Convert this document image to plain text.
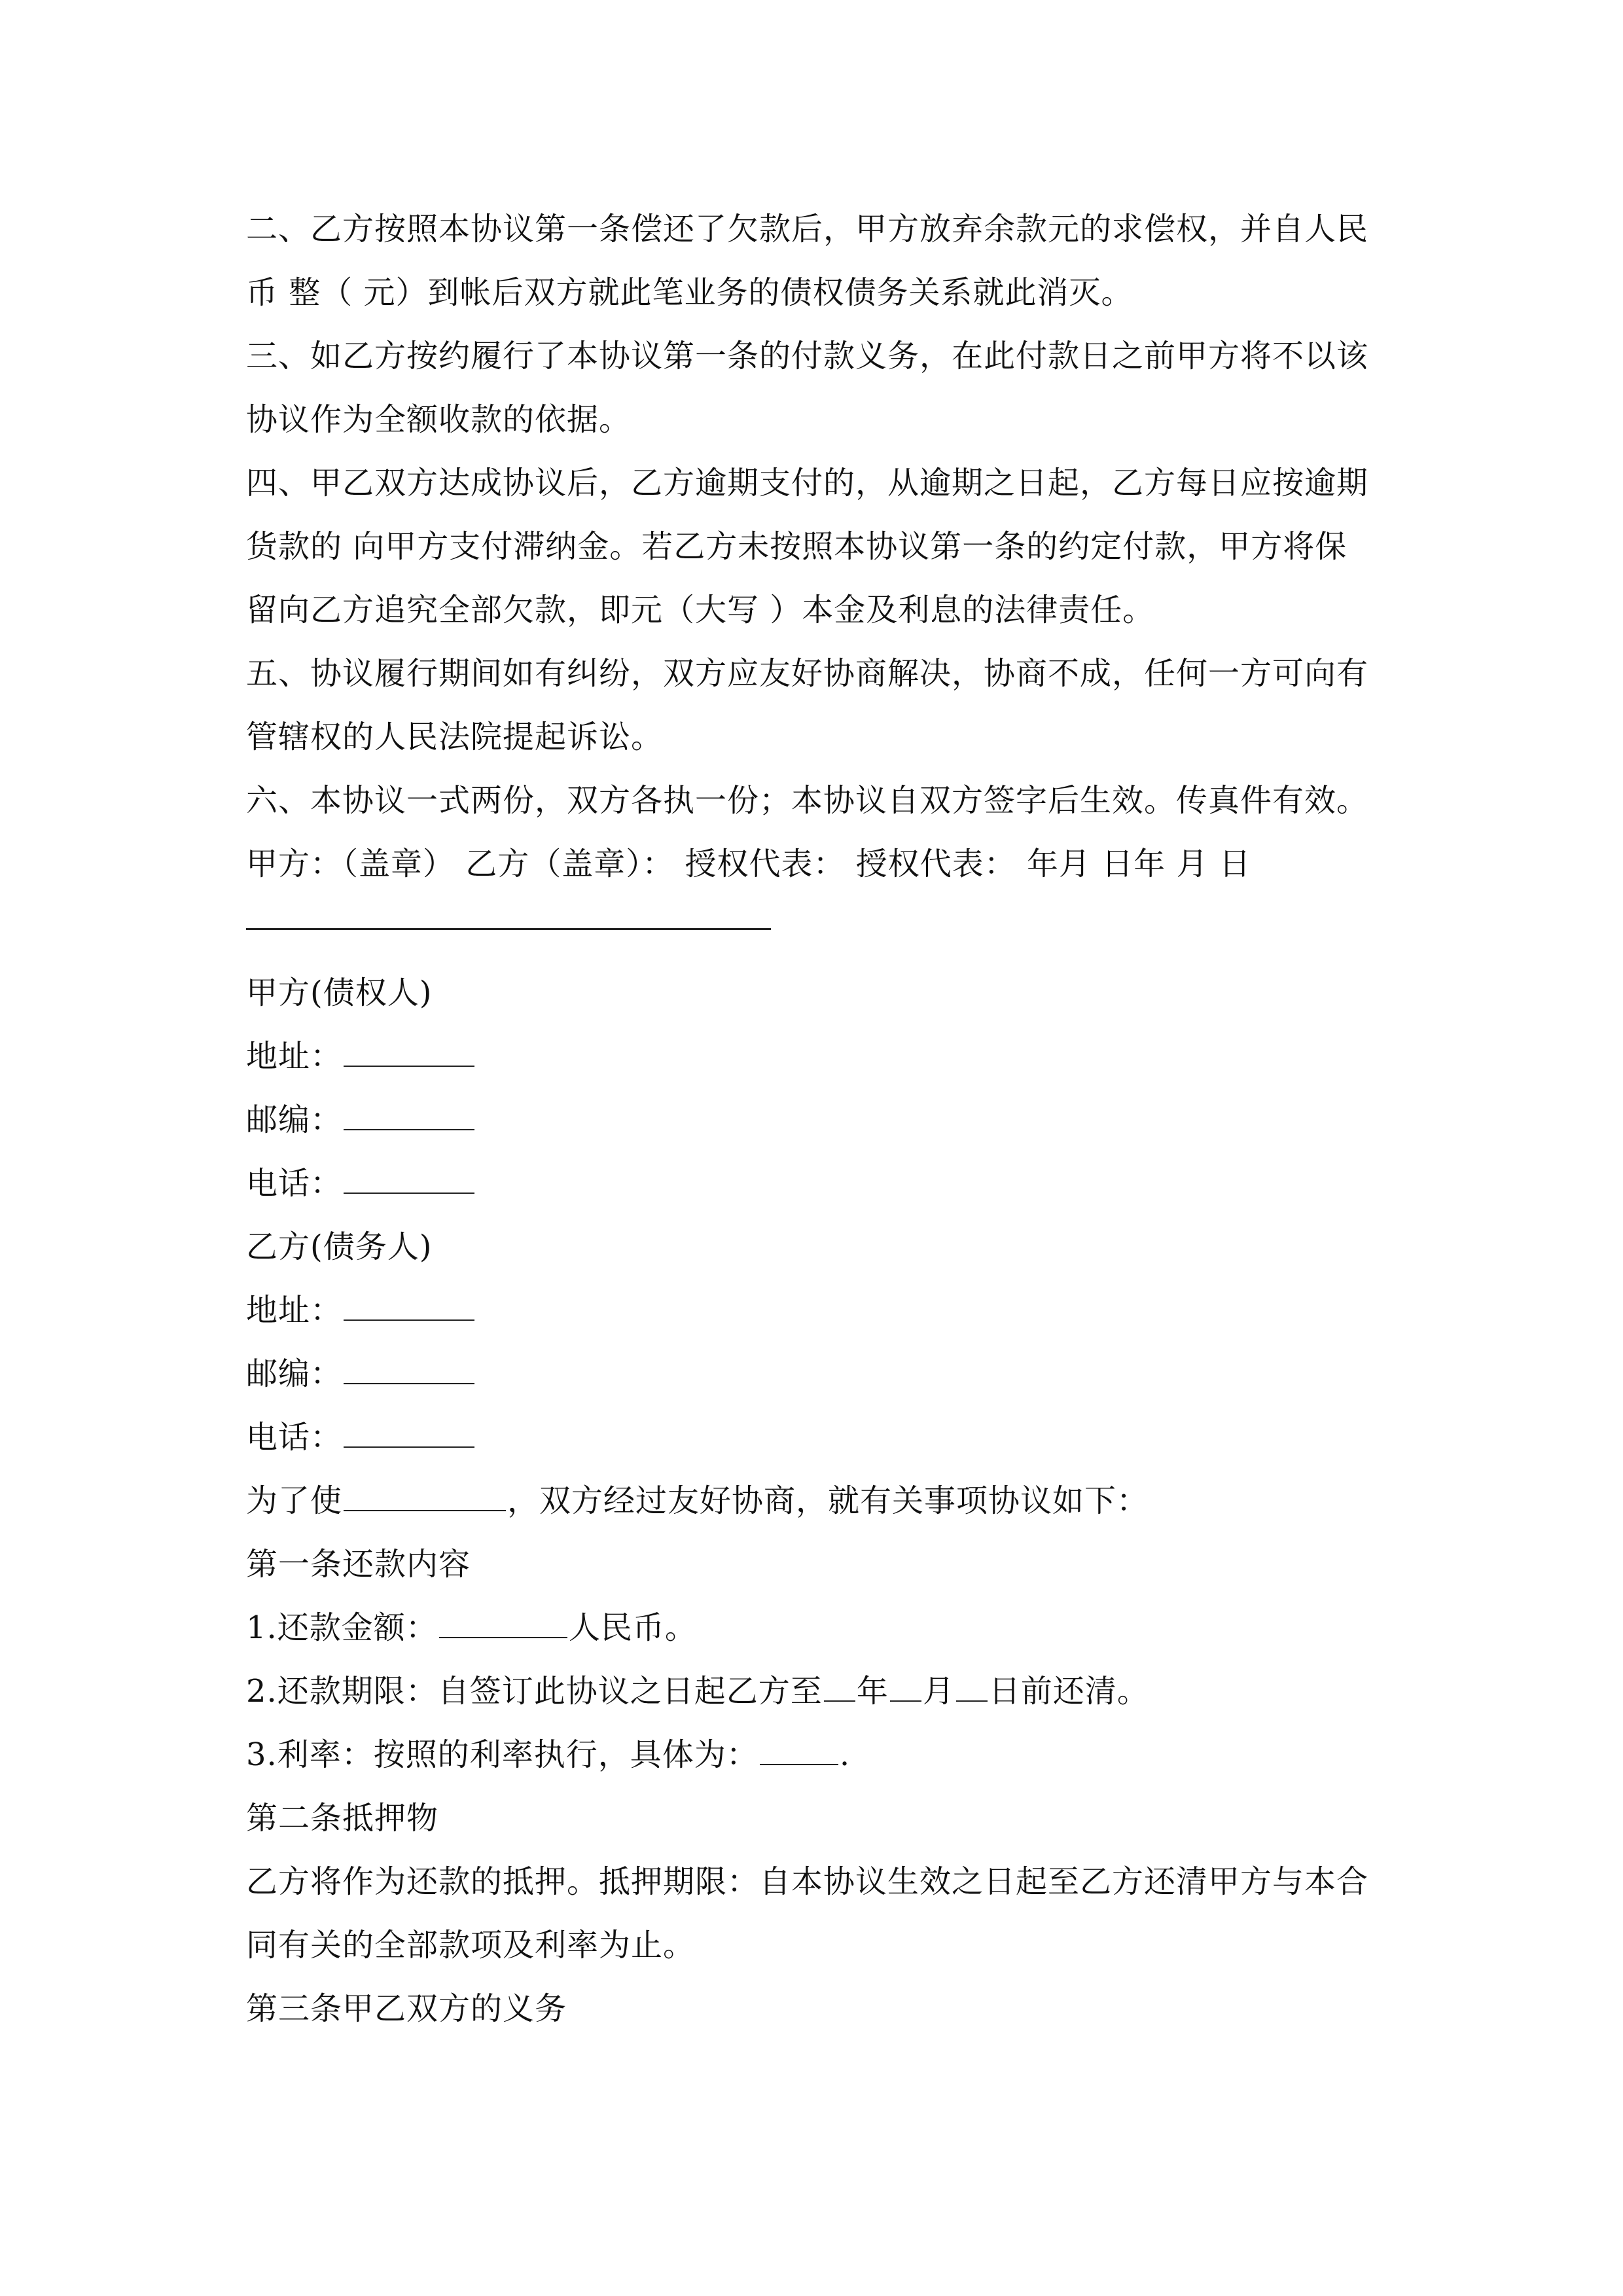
二、乙方按照本协议第一条偿还了欠款后，甲方放弃余款元的求偿权，并自人民
币 整（ 元）到帐后双方就此笔业务的债权债务关系就此消灭。
三、如乙方按约履行了本协议第一条的付款义务，在此付款日之前甲方将不以该
协议作为全额收款的依据。
四、甲乙双方达成协议后，乙方逾期支付的，从逾期之日起，乙方每日应按逾期
货款的 向甲方支付滞纳金。若乙方未按照本协议第一条的约定付款，甲方将保
留向乙方追究全部欠款，即元（大写 ）本金及利息的法律责任。
五、协议履行期间如有纠纷，双方应友好协商解决，协商不成，任何一方可向有
管辖权的人民法院提起诉讼。
六、本协议一式两份，双方各执一份；本协议自双方签字后生效。传真件有效。
甲方：（盖章） 乙方（盖章）： 授权代表： 授权代表： 年月 日年 月 日
甲方(债权人)
地址：
邮编：
电话：
乙方(债务人)
地址：
邮编：
电话：
为了使	，双方经过友好协商，就有关事项协议如下：
第一条还款内容
1.还款金额：	人民币。
2.还款期限：自签订此协议之日起乙方至 年 月 日前还清。
3.利率：按照的利率执行，具体为：	.
第二条抵押物
乙方将作为还款的抵押。抵押期限：自本协议生效之日起至乙方还清甲方与本合
同有关的全部款项及利率为止。
第三条甲乙双方的义务
